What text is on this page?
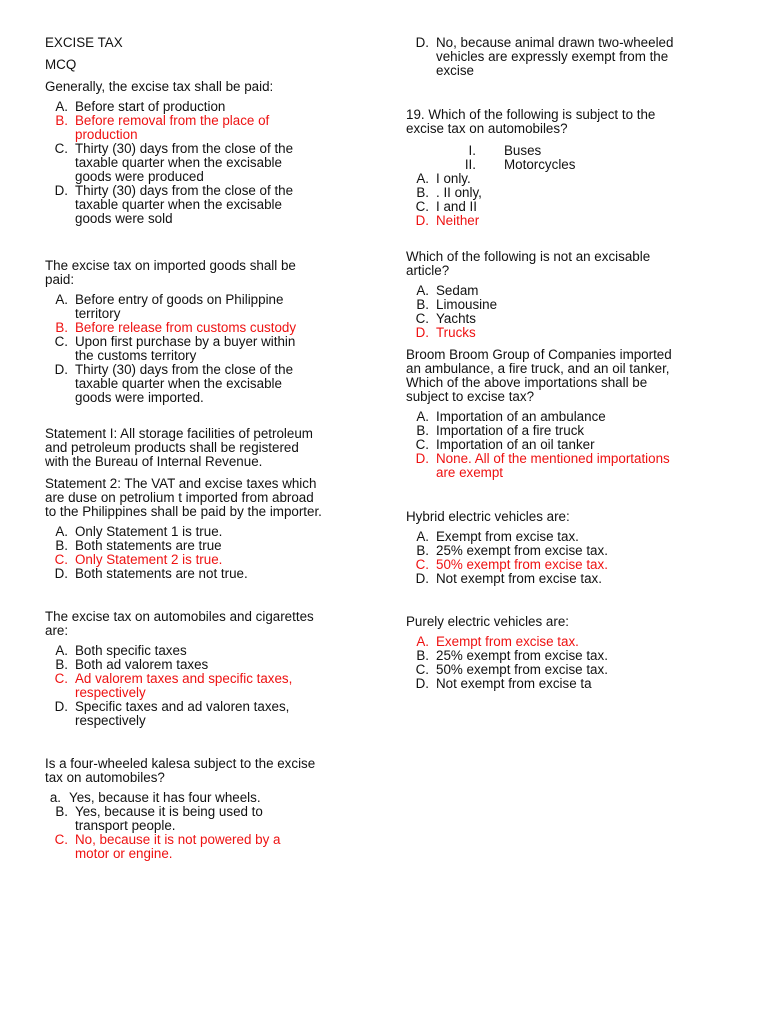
EXCISE TAX
MCQ
Generally, the excise tax shall be paid:
A. Before start of production
B. Before removal from the place of
production
C. Thirty (30) days from the close of the
taxable quarter when the excisable
goods were produced
D. Thirty (30) days from the close of the
taxable quarter when the excisable
goods were sold
The excise tax on imported goods shall be
paid:
A. Before entry of goods on Philippine
territory
B. Before release from customs custody
C. Upon first purchase by a buyer within
the customs territory
D. Thirty (30) days from the close of the
taxable quarter when the excisable
goods were imported.
Statement I: All storage facilities of petroleum
and petroleum products shall be registered
with the Bureau of Internal Revenue.
Statement 2: The VAT and excise taxes which
are duse on petrolium t imported from abroad
to the Philippines shall be paid by the importer.
A. Only Statement 1 is true.
B. Both statements are true
C. Only Statement 2 is true.
D. Both statements are not true.
The excise tax on automobiles and cigarettes
are:
A. Both specific taxes
B. Both ad valorem taxes
C. Ad valorem taxes and specific taxes,
respectively
D. Specific taxes and ad valoren taxes,
respectively
Is a four-wheeled kalesa subject to the excise
tax on automobiles?
a. Yes, because it has four wheels.
B. Yes, because it is being used to
transport people.
C. No, because it is not powered by a
motor or engine.
D. No, because animal drawn two-wheeled
vehicles are expressly exempt from the
excise
19. Which of the following is subject to the
excise tax on automobiles?
I.	Buses
II.	Motorcycles
A. I only.
B. . II only,
C. I and II
D. Neither
Which of the following is not an excisable
article?
A. Sedam
B. Limousine
C. Yachts
D. Trucks
Broom Broom Group of Companies imported
an ambulance, a fire truck, and an oil tanker,
Which of the above importations shall be
subject to excise tax?
A. Importation of an ambulance
B. Importation of a fire truck
C. Importation of an oil tanker
D. None. All of the mentioned importations
are exempt
Hybrid electric vehicles are:
A. Exempt from excise tax.
B. 25% exempt from excise tax.
C. 50% exempt from excise tax.
D. Not exempt from excise tax.
Purely electric vehicles are:
A. Exempt from excise tax.
B. 25% exempt from excise tax.
C. 50% exempt from excise tax.
D. Not exempt from excise ta
